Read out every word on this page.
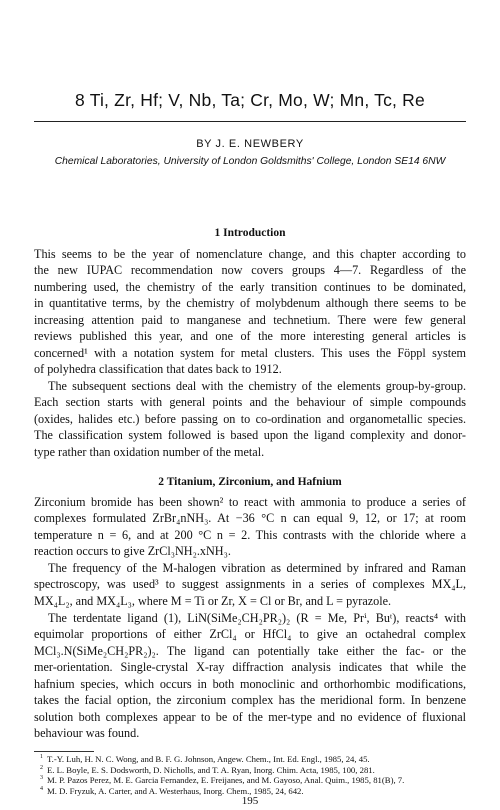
8 Ti, Zr, Hf; V, Nb, Ta; Cr, Mo, W; Mn, Tc, Re
BY J. E. NEWBERY
Chemical Laboratories, University of London Goldsmiths' College, London SE14 6NW
1 Introduction
This seems to be the year of nomenclature change, and this chapter according to
the new IUPAC recommendation now covers groups 4—7. Regardless of the
numbering used, the chemistry of the early transition continues to be dominated,
in quantitative terms, by the chemistry of molybdenum although there seems to be
increasing attention paid to manganese and technetium. There were few general
reviews published this year, and one of the more interesting general articles is
concerned¹ with a notation system for metal clusters. This uses the Föppl system
of polyhedra classification that dates back to 1912.
The subsequent sections deal with the chemistry of the elements group-by-group.
Each section starts with general points and the behaviour of simple compounds
(oxides, halides etc.) before passing on to co-ordination and organometallic species.
The classification system followed is based upon the ligand complexity and donor-
type rather than oxidation number of the metal.
2 Titanium, Zirconium, and Hafnium
Zirconium bromide has been shown² to react with ammonia to produce a series of
complexes formulated ZrBr₄nNH₃. At −36 °C n can equal 9, 12, or 17; at room
temperature n = 6, and at 200 °C n = 2. This contrasts with the chloride where a
reaction occurs to give ZrCl₃NH₂.xNH₃.
The frequency of the M-halogen vibration as determined by infrared and Raman
spectroscopy, was used³ to suggest assignments in a series of complexes MX₄L,
MX₄L₂, and MX₄L₃, where M = Ti or Zr, X = Cl or Br, and L = pyrazole.
The terdentate ligand (1), LiN(SiMe₂CH₂PR₂)₂ (R = Me, Prⁱ, Buᵗ), reacts⁴ with
equimolar proportions of either ZrCl₄ or HfCl₄ to give an octahedral complex
MCl₃.N(SiMe₂CH₂PR₂)₂. The ligand can potentially take either the fac- or the
mer-orientation. Single-crystal X-ray diffraction analysis indicates that while the
hafnium species, which occurs in both monoclinic and orthorhombic modifications,
takes the facial option, the zirconium complex has the meridional form. In benzene
solution both complexes appear to be of the mer-type and no evidence of fluxional
behaviour was found.
$^1$ T.-Y. Luh, H. N. C. Wong, and B. F. G. Johnson, Angew. Chem., Int. Ed. Engl., 1985, 24, 45.
$^2$ E. L. Boyle, E. S. Dodsworth, D. Nicholls, and T. A. Ryan, Inorg. Chim. Acta, 1985, 100, 281.
$^3$ M. P. Pazos Perez, M. E. Garcia Fernandez, E. Freijanes, and M. Gayoso, Anal. Quim., 1985, 81(B), 7.
$^4$ M. D. Fryzuk, A. Carter, and A. Westerhaus, Inorg. Chem., 1985, 24, 642.
195
